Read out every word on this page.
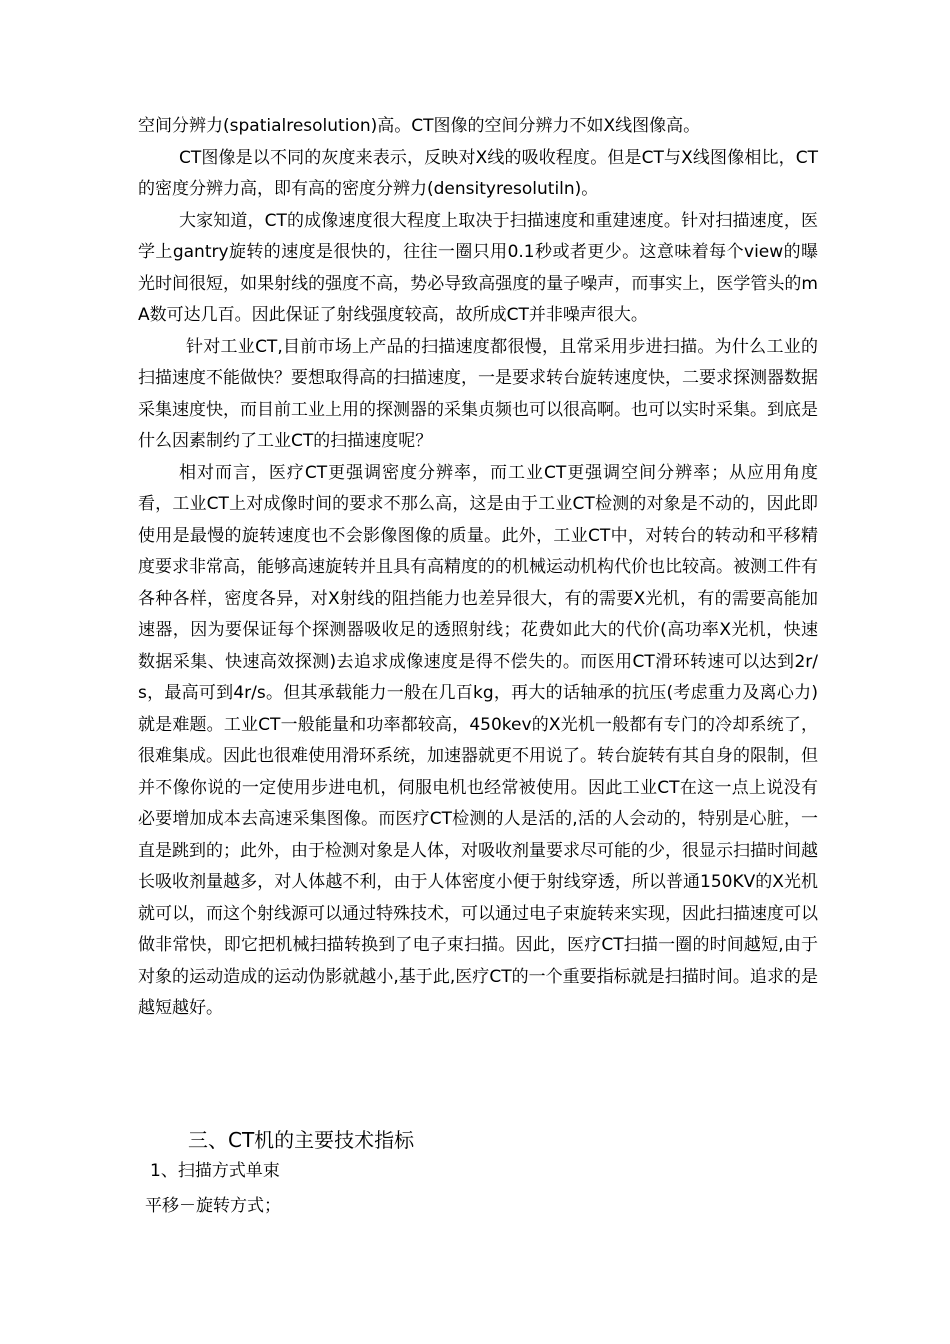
空间分辨力(spatialresolution)高。CT图像的空间分辨力不如X线图像高。

CT图像是以不同的灰度来表示，反映对X线的吸收程度。但是CT与X线图像相比，CT的密度分辨力高，即有高的密度分辨力(densityresolutiln)。

大家知道，CT的成像速度很大程度上取决于扫描速度和重建速度。针对扫描速度，医学上gantry旋转的速度是很快的，往往一圈只用0.1秒或者更少。这意味着每个view的曝光时间很短，如果射线的强度不高，势必导致高强度的量子噪声，而事实上，医学管头的mA数可达几百。因此保证了射线强度较高，故所成CT并非噪声很大。

针对工业CT,目前市场上产品的扫描速度都很慢，且常采用步进扫描。为什么工业的扫描速度不能做快？要想取得高的扫描速度，一是要求转台旋转速度快，二要求探测器数据采集速度快，而目前工业上用的探测器的采集贞频也可以很高啊。也可以实时采集。到底是什么因素制约了工业CT的扫描速度呢？

相对而言，医疗CT更强调密度分辨率，而工业CT更强调空间分辨率；从应用角度看，工业CT上对成像时间的要求不那么高，这是由于工业CT检测的对象是不动的，因此即使用是最慢的旋转速度也不会影像图像的质量。此外，工业CT中，对转台的转动和平移精度要求非常高，能够高速旋转并且具有高精度的的机械运动机构代价也比较高。被测工件有各种各样，密度各异，对X射线的阻挡能力也差异很大，有的需要X光机，有的需要高能加速器，因为要保证每个探测器吸收足的透照射线；花费如此大的代价(高功率X光机，快速数据采集、快速高效探测)去追求成像速度是得不偿失的。而医用CT滑环转速可以达到2r/s，最高可到4r/s。但其承载能力一般在几百kg，再大的话轴承的抗压(考虑重力及离心力)就是难题。工业CT一般能量和功率都较高，450kev的X光机一般都有专门的冷却系统了，很难集成。因此也很难使用滑环系统，加速器就更不用说了。转台旋转有其自身的限制，但并不像你说的一定使用步进电机，伺服电机也经常被使用。因此工业CT在这一点上说没有必要增加成本去高速采集图像。而医疗CT检测的人是活的,活的人会动的，特别是心脏，一直是跳到的；此外，由于检测对象是人体，对吸收剂量要求尽可能的少，很显示扫描时间越长吸收剂量越多，对人体越不利，由于人体密度小便于射线穿透，所以普通150KV的X光机就可以，而这个射线源可以通过特殊技术，可以通过电子束旋转来实现，因此扫描速度可以做非常快，即它把机械扫描转换到了电子束扫描。因此，医疗CT扫描一圈的时间越短,由于对象的运动造成的运动伪影就越小,基于此,医疗CT的一个重要指标就是扫描时间。追求的是越短越好。

三、CT机的主要技术指标

1、扫描方式单束

平移－旋转方式；
